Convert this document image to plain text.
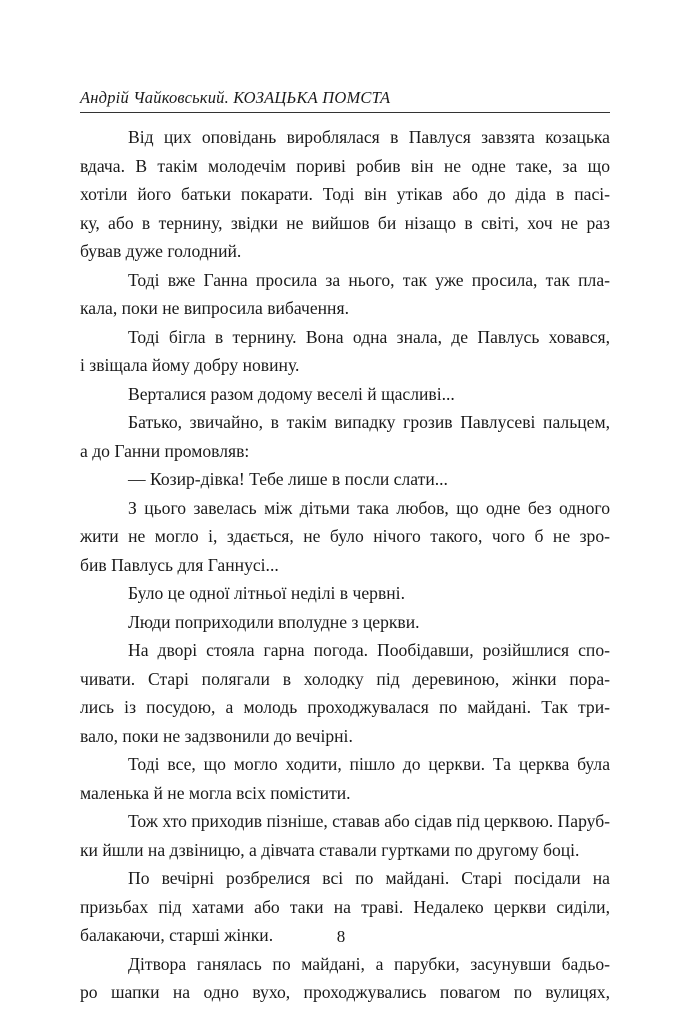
Андрій Чайковський. КОЗАЦЬКА ПОМСТА
Від цих оповідань вироблялася в Павлуся завзята козацька
вдача. В такім молодечім пориві робив він не одне таке, за що
хотіли його батьки покарати. Тоді він утікав або до діда в пасі-
ку, або в тернину, звідки не вийшов би нізащо в світі, хоч не раз
бував дуже голодний.
Тоді вже Ганна просила за нього, так уже просила, так пла-
кала, поки не випросила вибачення.
Тоді бігла в тернину. Вона одна знала, де Павлусь ховався,
і звіщала йому добру новину.
Верталися разом додому веселі й щасливі...
Батько, звичайно, в такім випадку грозив Павлусеві пальцем,
а до Ганни промовляв:
— Козир-дівка! Тебе лише в посли слати...
З цього завелась між дітьми така любов, що одне без одного
жити не могло і, здається, не було нічого такого, чого б не зро-
бив Павлусь для Ганнусі...
Було це одної літньої неділі в червні.
Люди поприходили вполудне з церкви.
На дворі стояла гарна погода. Пообідавши, розійшлися спо-
чивати. Старі полягали в холодку під деревиною, жінки пора-
лись із посудою, а молодь проходжувалася по майдані. Так три-
вало, поки не задзвонили до вечірні.
Тоді все, що могло ходити, пішло до церкви. Та церква була
маленька й не могла всіх помістити.
Тож хто приходив пізніше, ставав або сідав під церквою. Паруб-
ки йшли на дзвіницю, а дівчата ставали гуртками по другому боці.
По вечірні розбрелися всі по майдані. Старі посідали на
призьбах під хатами або таки на траві. Недалеко церкви сиділи,
балакаючи, старші жінки.
Дітвора ганялась по майдані, а парубки, засунувши бадьо-
ро шапки на одно вухо, проходжувались повагом по вулицях,
8
